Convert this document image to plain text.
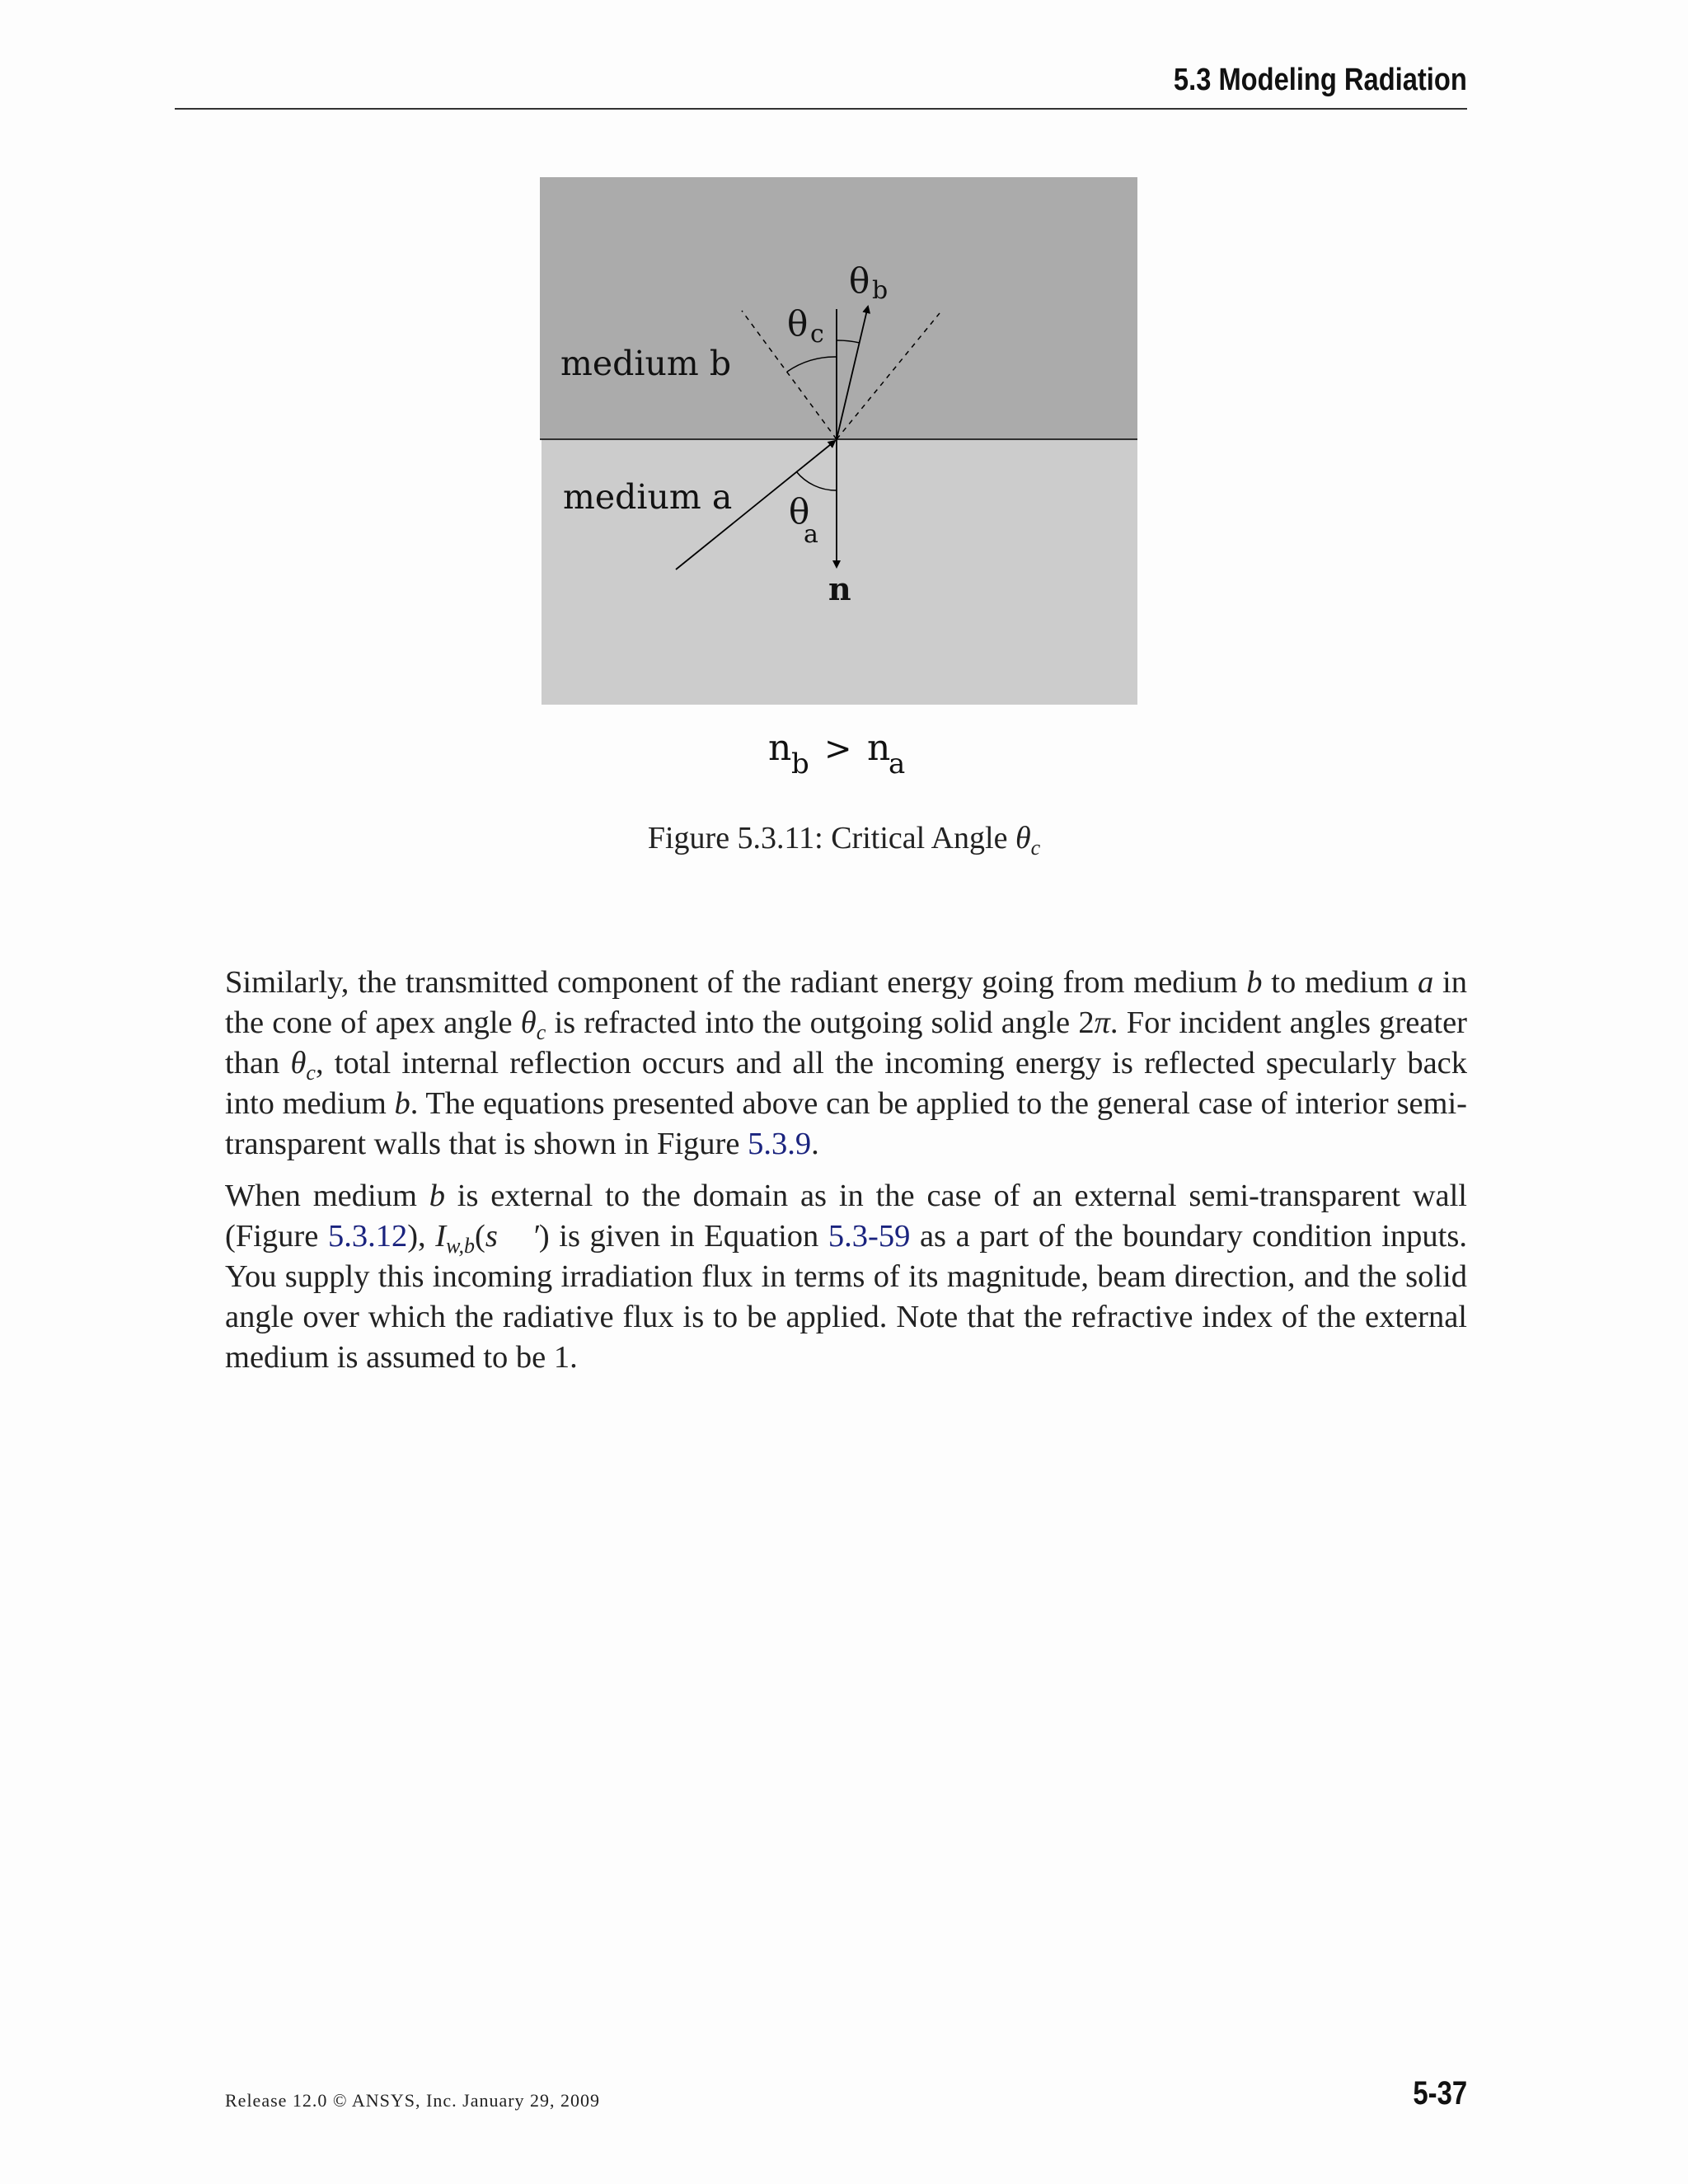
5.3 Modeling Radiation
medium b
medium a
θ c
θ b
θ
a
n
n b > n
a
Figure 5.3.11: Critical Angle $\theta_c$

Similarly, the transmitted component of the radiant energy going from medium b to medium a in the cone of apex angle $\theta_c$ is refracted into the outgoing solid angle 2π. For incident angles greater than $\theta_c$, total internal reflection occurs and all the incoming energy is reflected specularly back into medium b. The equations presented above can be applied to the general case of interior semi-transparent walls that is shown in Figure 5.3.9.

When medium b is external to the domain as in the case of an external semi-transparent wall (Figure 5.3.12), $I_{w,b}(s⃗$ ′) is given in Equation 5.3-59 as a part of the boundary condition inputs. You supply this incoming irradiation flux in terms of its magnitude, beam direction, and the solid angle over which the radiative flux is to be applied. Note that the refractive index of the external medium is assumed to be 1.

Release 12.0 © ANSYS, Inc. January 29, 2009	5-37
